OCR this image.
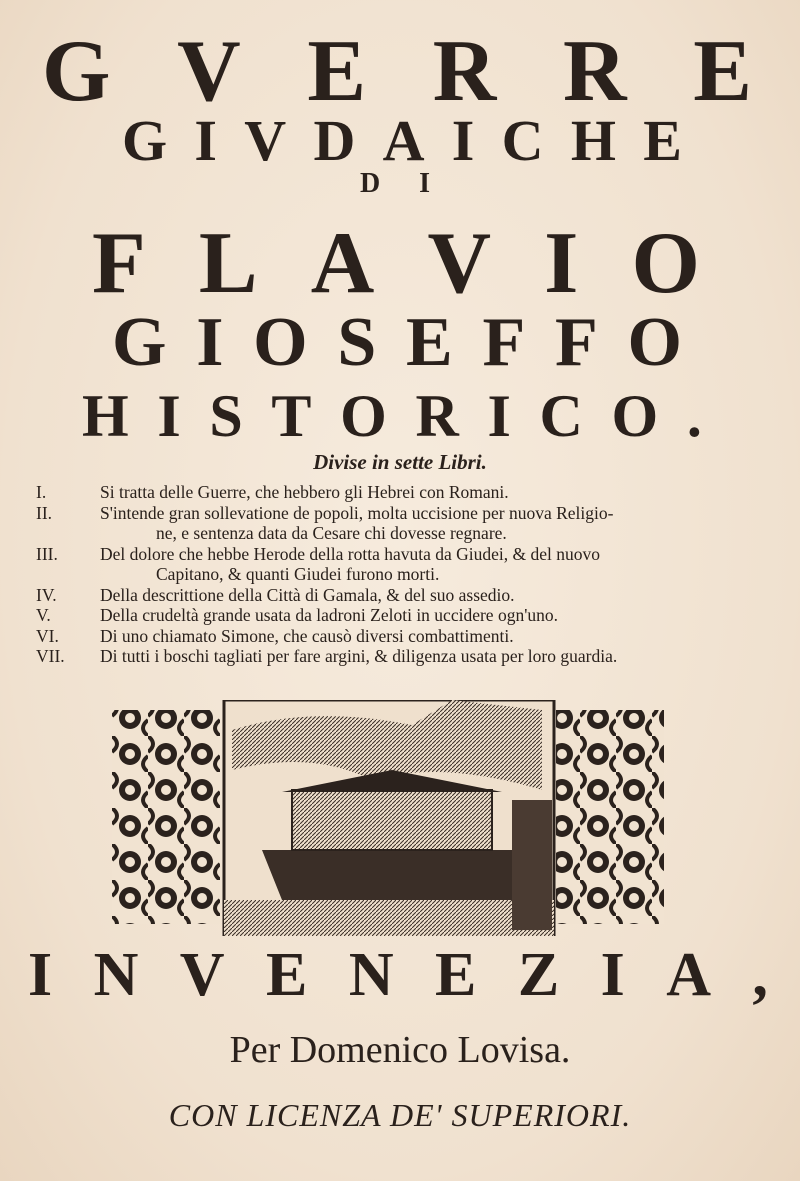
G V E R R E
G I V D A I C H E
D I
F L A V I O
G I O S E F F O
H I S T O R I C O .
Divise in sette Libri.
I.	Si tratta delle Guerre, che hebbero gli Hebrei con Romani.
II.	S'intende gran sollevatione de popoli, molta uccisione per nuova Religio-
ne, e sentenza data da Cesare chi dovesse regnare.
III.	Del dolore che hebbe Herode della rotta havuta da Giudei, & del nuovo
Capitano, & quanti Giudei furono morti.
IV.	Della descrittione della Città di Gamala, & del suo assedio.
V.	Della crudeltà grande usata da ladroni Zeloti in uccidere ogn'uno.
VI.	Di uno chiamato Simone, che causò diversi combattimenti.
VII.	Di tutti i boschi tagliati per fare argini, & diligenza usata per loro guardia.
I N V E N E Z I A ,
Per Domenico Lovisa.
CON LICENZA DE' SUPERIORI.
